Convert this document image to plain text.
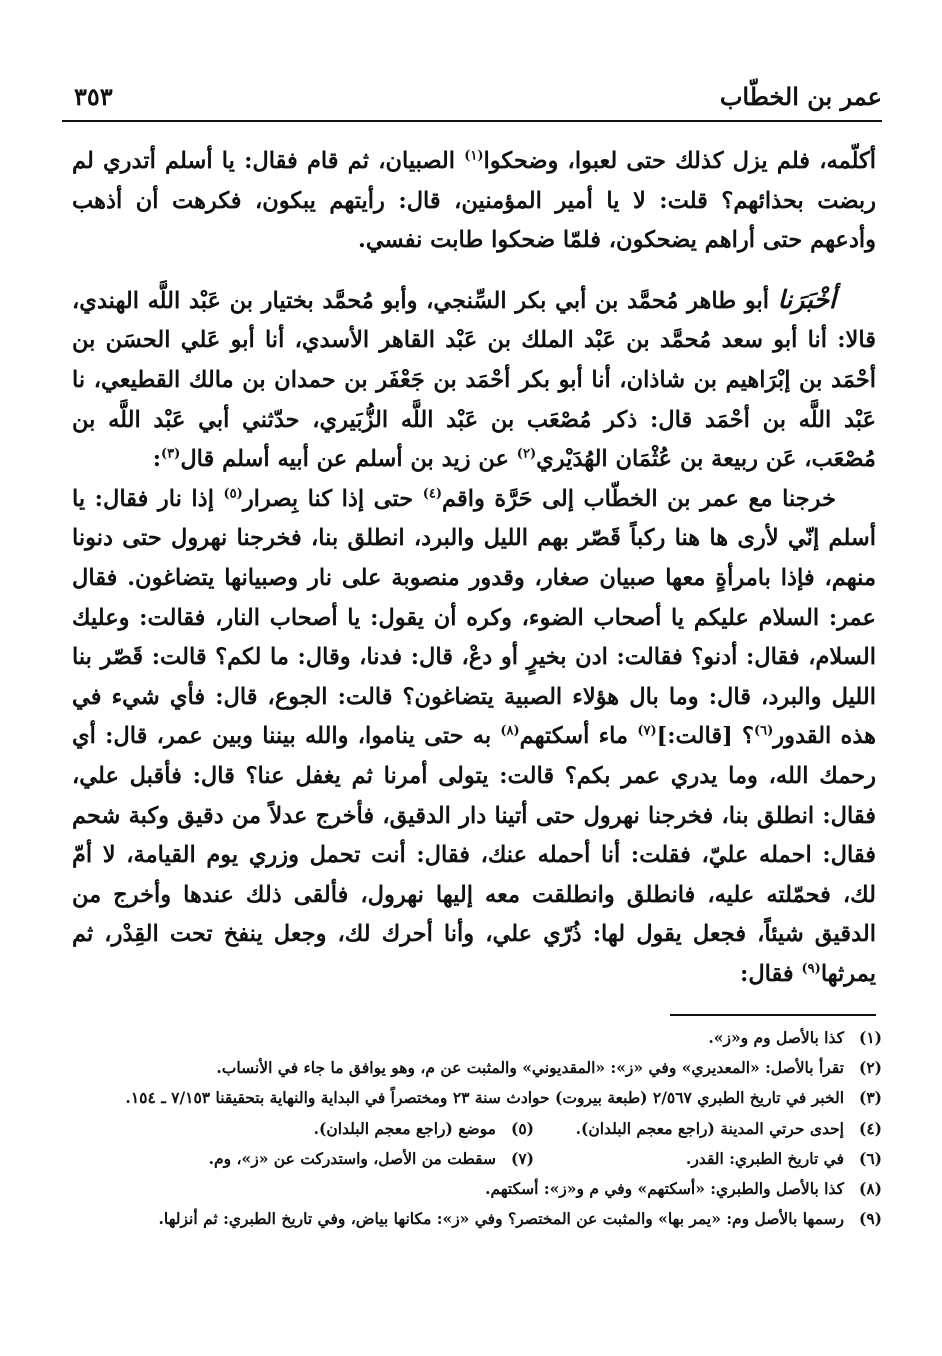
عمر بن الخطّاب
٣٥٣

أكلّمه، فلم يزل كذلك حتى لعبوا، وضحكوا$^{(١)}$ الصبيان، ثم قام فقال: يا أسلم أتدري لم ربضت بحذائهم؟ قلت: لا يا أمير المؤمنين، قال: رأيتهم يبكون، فكرهت أن أذهب وأدعهم حتى أراهم يضحكون، فلمّا ضحكوا طابت نفسي.

أخْبَرَنا أبو طاهر مُحمَّد بن أبي بكر السِّنجي، وأبو مُحمَّد بختيار بن عَبْد اللَّه الهندي، قالا: أنا أبو سعد مُحمَّد بن عَبْد الملك بن عَبْد القاهر الأسدي، أنا أبو عَلي الحسَن بن أحْمَد بن إبْرَاهيم بن شاذان، أنا أبو بكر أحْمَد بن جَعْفَر بن حمدان بن مالك القطيعي، نا عَبْد اللَّه بن أحْمَد قال: ذكر مُصْعَب بن عَبْد اللَّه الزُّبَيري، حدّثني أبي عَبْد اللَّه بن مُصْعَب، عَن ربيعة بن عُثْمَان الهُدَيْري$^{(٢)}$ عن زيد بن أسلم عن أبيه أسلم قال$^{(٣)}$:

خرجنا مع عمر بن الخطّاب إلى حَرَّة واقم$^{(٤)}$ حتى إذا كنا بِصرار$^{(٥)}$ إذا نار فقال: يا أسلم إنّي لأرى ها هنا ركباً قَصّر بهم الليل والبرد، انطلق بنا، فخرجنا نهرول حتى دنونا منهم، فإذا بامرأةٍ معها صبيان صغار، وقدور منصوبة على نار وصبيانها يتضاغون. فقال عمر: السلام عليكم يا أصحاب الضوء، وكره أن يقول: يا أصحاب النار، فقالت: وعليك السلام، فقال: أدنو؟ فقالت: ادن بخيرٍ أو دعْ، قال: فدنا، وقال: ما لكم؟ قالت: قَصّر بنا الليل والبرد، قال: وما بال هؤلاء الصبية يتضاغون؟ قالت: الجوع، قال: فأي شيء في هذه القدور$^{(٦)}$؟ [قالت:]$^{(٧)}$ ماء أسكتهم$^{(٨)}$ به حتى يناموا، والله بيننا وبين عمر، قال: أي رحمك الله، وما يدري عمر بكم؟ قالت: يتولى أمرنا ثم يغفل عنا؟ قال: فأقبل علي، فقال: انطلق بنا، فخرجنا نهرول حتى أتينا دار الدقيق، فأخرج عدلاً من دقيق وكبة شحم فقال: احمله عليّ، فقلت: أنا أحمله عنك، فقال: أنت تحمل وزري يوم القيامة، لا أمّ لك، فحمّلته عليه، فانطلق وانطلقت معه إليها نهرول، فألقى ذلك عندها وأخرج من الدقيق شيئاً، فجعل يقول لها: ذُرّي علي، وأنا أحرك لك، وجعل ينفخ تحت القِدْر، ثم يمرثها$^{(٩)}$ فقال:

(١)
كذا بالأصل وم و«ز».
(٢)
تقرأ بالأصل: «المعديري» وفي «ز»: «المقديوني» والمثبت عن م، وهو يوافق ما جاء في الأنساب.
(٣)
الخبر في تاريخ الطبري ٢/٥٦٧ (طبعة بيروت) حوادث سنة ٢٣ ومختصراً في البداية والنهاية بتحقيقنا ٧/١٥٣ ـ ١٥٤.
(٤)
إحدى حرتي المدينة (راجع معجم البلدان).
(٥)
موضع (راجع معجم البلدان).
(٦)
في تاريخ الطبري: القدر.
(٧)
سقطت من الأصل، واستدركت عن «ز»، وم.
(٨)
كذا بالأصل والطبري: «أسكتهم» وفي م و«ز»: أسكتهم.
(٩)
رسمها بالأصل وم: «يمر بها» والمثبت عن المختصر؟ وفي «ز»: مكانها بياض، وفي تاريخ الطبري: ثم أنزلها.
